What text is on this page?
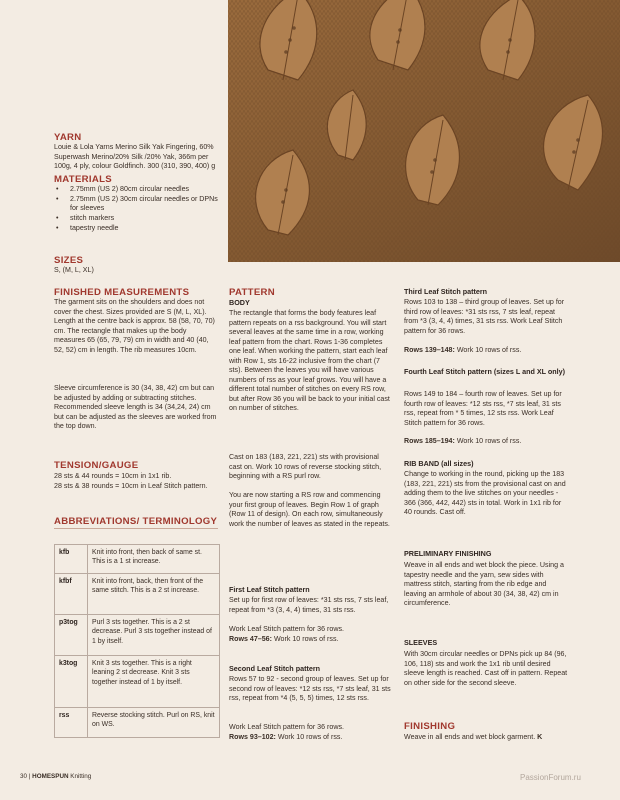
YARN
Louie & Lola Yarns Merino Silk Yak Fingering, 60% Superwash Merino/20% Silk /20% Yak, 366m per 100g, 4 ply, colour Goldfinch. 300 (310, 390, 400) g
MATERIALS
• 2.75mm (US 2) 80cm circular needles
• 2.75mm (US 2) 30cm circular needles or DPNs for sleeves
• stitch markers
• tapestry needle
SIZES
S, (M, L, XL)
FINISHED MEASUREMENTS
The garment sits on the shoulders and does not cover the chest. Sizes provided are S (M, L, XL). Length at the centre back is approx. 58 (58, 70, 70) cm. The rectangle that makes up the body measures 65 (65, 79, 79) cm in width and 40 (40, 52, 52) cm in length. The rib measures 10cm.
Sleeve circumference is 30 (34, 38, 42) cm but can be adjusted by adding or subtracting stitches. Recommended sleeve length is 34 (34,24, 24) cm but can be adjusted as the sleeves are worked from the top down.
TENSION/GAUGE
28 sts & 44 rounds = 10cm in 1x1 rib.
28 sts & 38 rounds = 10cm in Leaf Stitch pattern.
ABBREVIATIONS/ TERMINOLOGY
kfb	Knit into front, then back of same st. This is a 1 st increase.
kfbf	Knit into front, back, then front of the same stitch. This is a 2 st increase.
p3tog	Purl 3 sts together. This is a 2 st decrease. Purl 3 sts together instead of 1 by itself.
k3tog	Knit 3 sts together. This is a right leaning 2 st decrease. Knit 3 sts together instead of 1 by itself.
rss	Reverse stocking stitch. Purl on RS, knit on WS.
PATTERN
BODY
The rectangle that forms the body features leaf pattern repeats on a rss background. You will start several leaves at the same time in a row, working leaf pattern from the chart. Rows 1-36 completes one leaf. When working the pattern, start each leaf with Row 1, sts 16-22 inclusive from the chart (7 sts). Between the leaves you will have various numbers of rss as your leaf grows. You will have a different total number of stitches on every RS row, but after Row 36 you will be back to your initial cast on number of stitches.
Cast on 183 (183, 221, 221) sts with provisional cast on. Work 10 rows of reverse stocking stitch, beginning with a RS purl row.
You are now starting a RS row and commencing your first group of leaves. Begin Row 1 of graph (Row 11 of design). On each row, simultaneously work the number of leaves as stated in the repeats.
First Leaf Stitch pattern
Set up for first row of leaves: *31 sts rss, 7 sts leaf, repeat from *3 (3, 4, 4) times, 31 sts rss.
Work Leaf Stitch pattern for 36 rows.
Rows 47–56: Work 10 rows of rss.
Second Leaf Stitch pattern
Rows 57 to 92 - second group of leaves. Set up for second row of leaves: *12 sts rss, *7 sts leaf, 31 sts rss, repeat from *4 (5, 5, 5) times, 12 sts rss.
Work Leaf Stitch pattern for 36 rows.
Rows 93–102: Work 10 rows of rss.
Third Leaf Stitch pattern
Rows 103 to 138 – third group of leaves. Set up for third row of leaves: *31 sts rss, 7 sts leaf, repeat from *3 (3, 4, 4) times, 31 sts rss. Work Leaf Stitch pattern for 36 rows.
Rows 139–148: Work 10 rows of rss.
Fourth Leaf Stitch pattern (sizes L and XL only)
Rows 149 to 184 – fourth row of leaves. Set up for fourth row of leaves: *12 sts rss, *7 sts leaf, 31 sts rss, repeat from * 5 times, 12 sts rss. Work Leaf Stitch pattern for 36 rows.
Rows 185–194: Work 10 rows of rss.
RIB BAND (all sizes)
Change to working in the round, picking up the 183 (183, 221, 221) sts from the provisional cast on and adding them to the live stitches on your needles - 366 (366, 442, 442) sts in total. Work in 1x1 rib for 40 rounds. Cast off.
PRELIMINARY FINISHING
Weave in all ends and wet block the piece. Using a tapestry needle and the yarn, sew sides with mattress stitch, starting from the rib edge and leaving an armhole of about 30 (34, 38, 42) cm in circumference.
SLEEVES
With 30cm circular needles or DPNs pick up 84 (96, 106, 118) sts and work the 1x1 rib until desired sleeve length is reached. Cast off in pattern. Repeat on other side for the second sleeve.
FINISHING
Weave in all ends and wet block garment. K
30 | HOMESPUN Knitting	PassionForum.ru
